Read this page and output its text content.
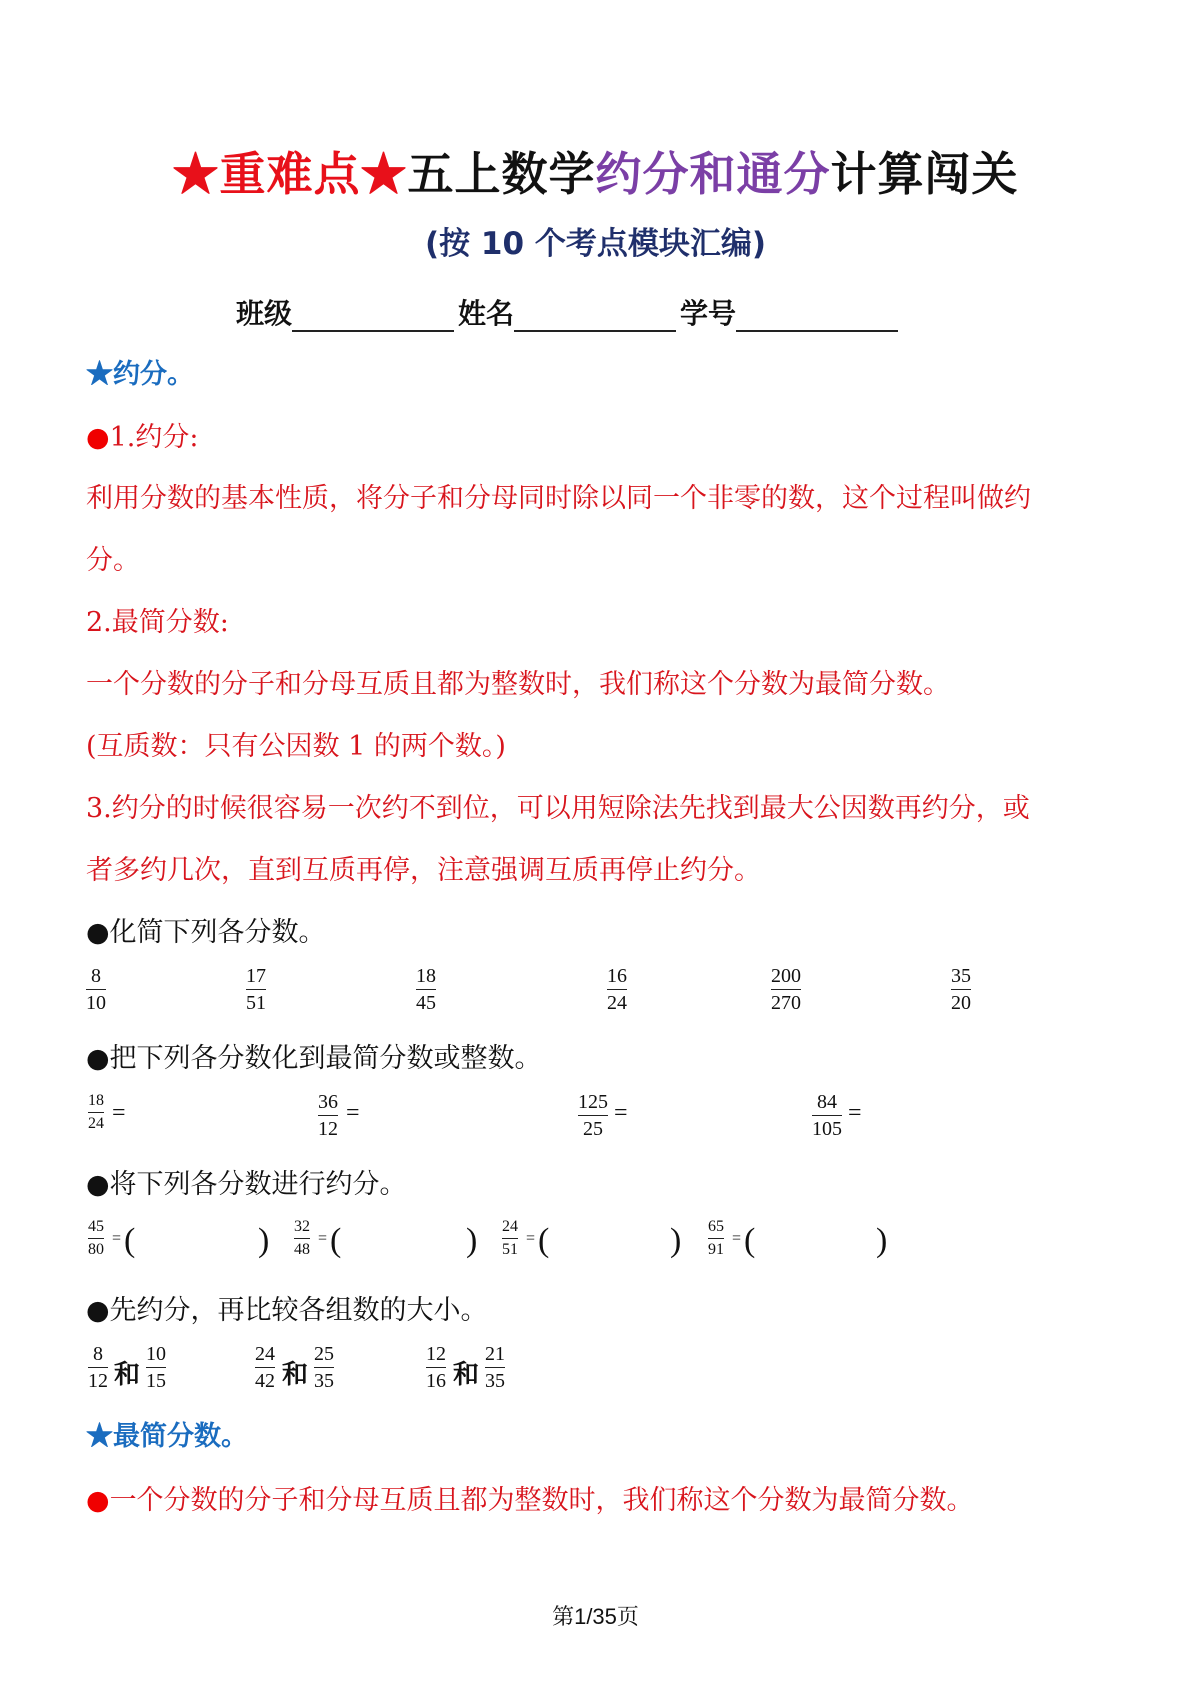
★重难点★五上数学约分和通分计算闯关
(按 10 个考点模块汇编)
班级	姓名	学号
★约分。
●1.约分:
利用分数的基本性质，将分子和分母同时除以同一个非零的数，这个过程叫做约
分。
2.最简分数:
一个分数的分子和分母互质且都为整数时，我们称这个分数为最简分数。
(互质数：只有公因数 1 的两个数。)
3.约分的时候很容易一次约不到位，可以用短除法先找到最大公因数再约分，或
者多约几次，直到互质再停，注意强调互质再停止约分。
●化简下列各分数。
8
10
17
51
18
45
16
24
200
270
35
20
●把下列各分数化到最简分数或整数。
18
24 =	36
12
=	125
25
=	84
105
=
●将下列各分数进行约分。
45
80
= (	) 32
48
= (	) 24
51
= (	) 65
91
= (	)
●先约分，再比较各组数的大小。
8
12 和
10
15
24
42 和
25
35
12
16 和
21
35
★最简分数。
●一个分数的分子和分母互质且都为整数时，我们称这个分数为最简分数。
第1/35页
